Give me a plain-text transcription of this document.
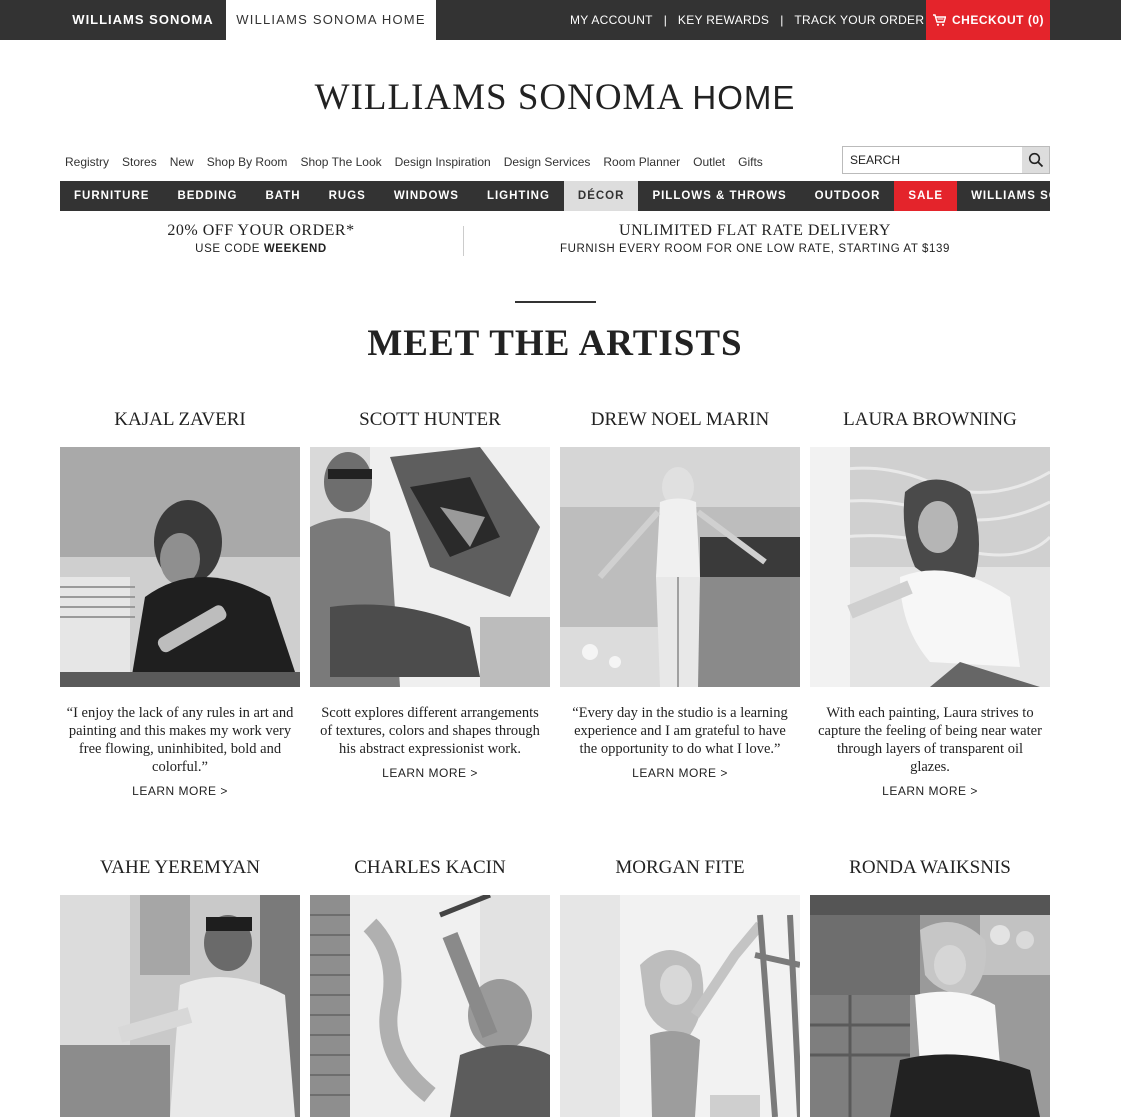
WILLIAMS SONOMA	WILLIAMS SONOMA HOME	MY ACCOUNT | KEY REWARDS | TRACK YOUR ORDER CHECKOUT (0)
WILLIAMS SONOMA HOME
Registry Stores New Shop By Room Shop The Look Design Inspiration Design Services Room Planner Outlet Gifts
SEARCH
FURNITURE	BEDDING	BATH	RUGS	WINDOWS	LIGHTING	DÉCOR	PILLOWS & THROWS	OUTDOOR	SALE	WILLIAMS SONOMA
20% OFF YOUR ORDER*
USE CODE WEEKEND
UNLIMITED FLAT RATE DELIVERY
FURNISH EVERY ROOM FOR ONE LOW RATE, STARTING AT $139
MEET THE ARTISTS
KAJAL ZAVERI
“I enjoy the lack of any rules in art and painting and this makes my work very free flowing, uninhibited, bold and colorful.”
LEARN MORE >
SCOTT HUNTER
Scott explores different arrangements of textures, colors and shapes through his abstract expressionist work.
LEARN MORE >
DREW NOEL MARIN
“Every day in the studio is a learning experience and I am grateful to have the opportunity to do what I love.”
LEARN MORE >
LAURA BROWNING
With each painting, Laura strives to capture the feeling of being near water through layers of transparent oil glazes.
LEARN MORE >
VAHE YEREMYAN	CHARLES KACIN	MORGAN FITE	RONDA WAIKSNIS
